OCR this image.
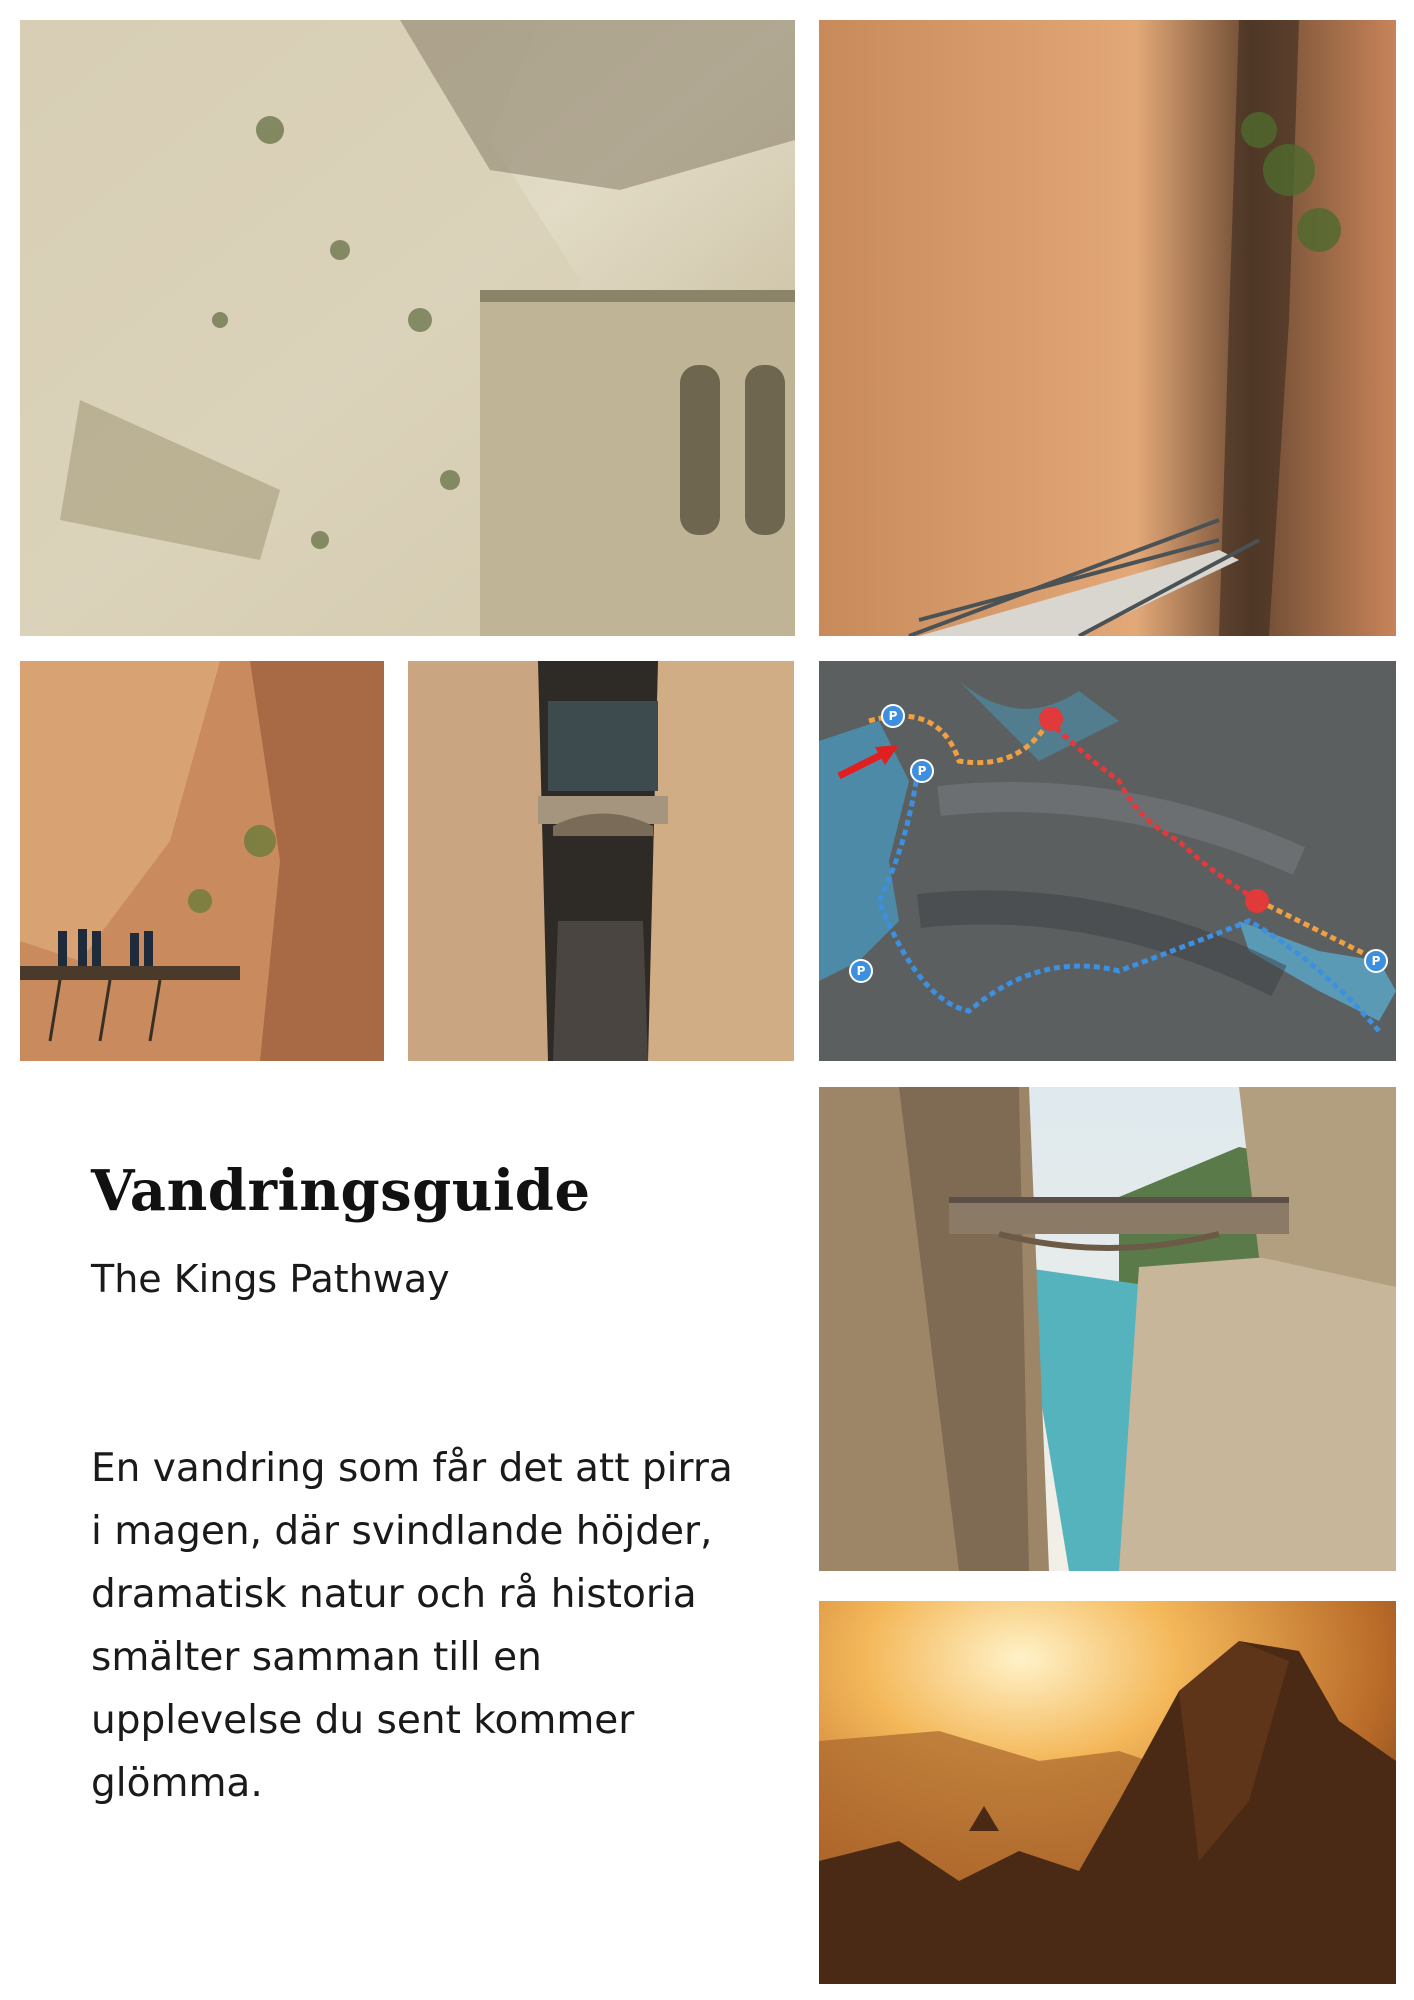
P
P
P
P
Vandringsguide

The Kings Pathway

En vandring som får det att pirra i magen, där svindlande höjder, dramatisk natur och rå historia smälter samman till en upplevelse du sent kommer glömma.
